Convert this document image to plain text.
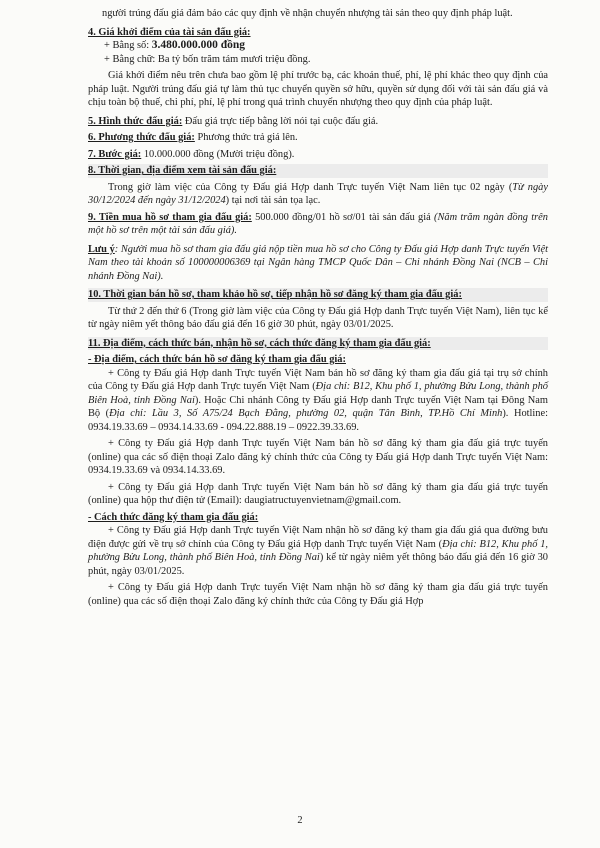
người trúng đấu giá đảm bảo các quy định về nhận chuyển nhượng tài sản theo quy định pháp luật.

4. Giá khởi điểm của tài sản đấu giá:

+ Bằng số: 3.480.000.000 đồng

+ Bằng chữ: Ba tỷ bốn trăm tám mươi triệu đồng.

Giá khởi điểm nêu trên chưa bao gồm lệ phí trước bạ, các khoản thuế, phí, lệ phí khác theo quy định của pháp luật. Người trúng đấu giá tự làm thủ tục chuyển quyền sở hữu, quyền sử dụng đối với tài sản đấu giá và chịu toàn bộ thuế, chi phí, phí, lệ phí trong quá trình chuyển nhượng theo quy định của pháp luật.

5. Hình thức đấu giá: Đấu giá trực tiếp bằng lời nói tại cuộc đấu giá.

6. Phương thức đấu giá: Phương thức trả giá lên.

7. Bước giá: 10.000.000 đồng (Mười triệu đồng).

8. Thời gian, địa điểm xem tài sản đấu giá:

Trong giờ làm việc của Công ty Đấu giá Hợp danh Trực tuyến Việt Nam liên tục 02 ngày (Từ ngày 30/12/2024 đến ngày 31/12/2024) tại nơi tài sản tọa lạc.

9. Tiền mua hồ sơ tham gia đấu giá: 500.000 đồng/01 hồ sơ/01 tài sản đấu giá (Năm trăm ngàn đồng trên một hồ sơ trên một tài sản đấu giá).

Lưu ý: Người mua hồ sơ tham gia đấu giá nộp tiền mua hồ sơ cho Công ty Đấu giá Hợp danh Trực tuyến Việt Nam theo tài khoản số 100000006369 tại Ngân hàng TMCP Quốc Dân – Chi nhánh Đồng Nai (NCB – Chi nhánh Đồng Nai).

10. Thời gian bán hồ sơ, tham khảo hồ sơ, tiếp nhận hồ sơ đăng ký tham gia đấu giá:

Từ thứ 2 đến thứ 6 (Trong giờ làm việc của Công ty Đấu giá Hợp danh Trực tuyến Việt Nam), liên tục kể từ ngày niêm yết thông báo đấu giá đến 16 giờ 30 phút, ngày 03/01/2025.

11. Địa điểm, cách thức bán, nhận hồ sơ, cách thức đăng ký tham gia đấu giá:

- Địa điểm, cách thức bán hồ sơ đăng ký tham gia đấu giá:

+ Công ty Đấu giá Hợp danh Trực tuyến Việt Nam bán hồ sơ đăng ký tham gia đấu giá tại trụ sở chính của Công ty Đấu giá Hợp danh Trực tuyến Việt Nam (Địa chỉ: B12, Khu phố 1, phường Bửu Long, thành phố Biên Hoà, tỉnh Đồng Nai). Hoặc Chi nhánh Công ty Đấu giá Hợp danh Trực tuyến Việt Nam tại Đông Nam Bộ (Địa chỉ: Lầu 3, Số A75/24 Bạch Đằng, phường 02, quận Tân Bình, TP.Hồ Chí Minh). Hotline: 0934.19.33.69 – 0934.14.33.69 - 094.22.888.19 – 0922.39.33.69.

+ Công ty Đấu giá Hợp danh Trực tuyến Việt Nam bán hồ sơ đăng ký tham gia đấu giá trực tuyến (online) qua các số điện thoại Zalo đăng ký chính thức của Công ty Đấu giá Hợp danh Trực tuyến Việt Nam: 0934.19.33.69 và 0934.14.33.69.

+ Công ty Đấu giá Hợp danh Trực tuyến Việt Nam bán hồ sơ đăng ký tham gia đấu giá trực tuyến (online) qua hộp thư điện tử (Email): daugiatructuyenvietnam@gmail.com.

- Cách thức đăng ký tham gia đấu giá:

+ Công ty Đấu giá Hợp danh Trực tuyến Việt Nam nhận hồ sơ đăng ký tham gia đấu giá qua đường bưu điện được gửi về trụ sở chính của Công ty Đấu giá Hợp danh Trực tuyến Việt Nam (Địa chỉ: B12, Khu phố 1, phường Bửu Long, thành phố Biên Hoà, tỉnh Đồng Nai) kể từ ngày niêm yết thông báo đấu giá đến 16 giờ 30 phút, ngày 03/01/2025.

+ Công ty Đấu giá Hợp danh Trực tuyến Việt Nam nhận hồ sơ đăng ký tham gia đấu giá trực tuyến (online) qua các số điện thoại Zalo đăng ký chính thức của Công ty Đấu giá Hợp

2
